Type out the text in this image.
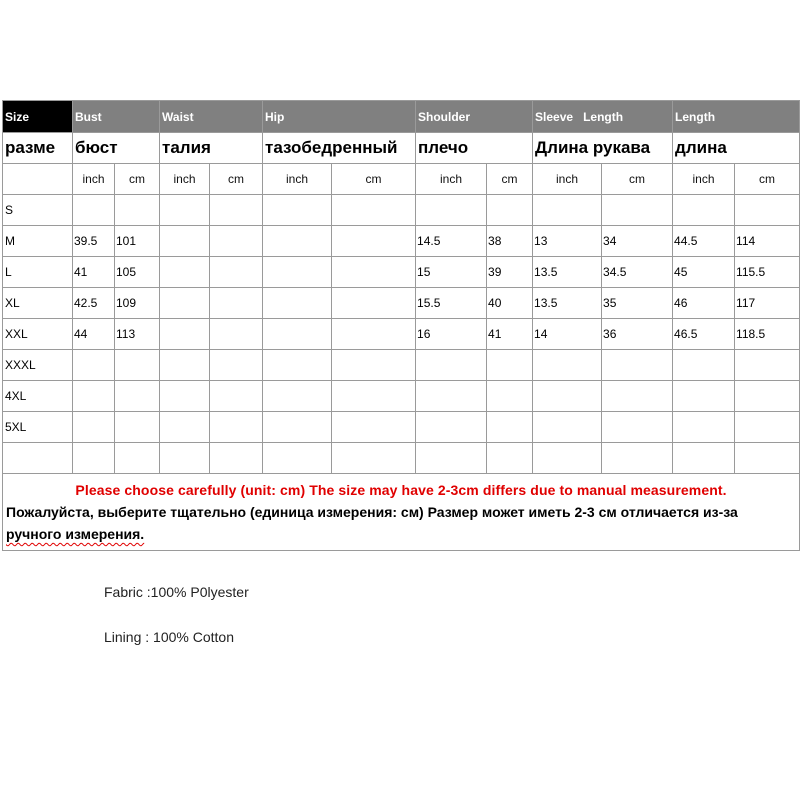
Size	Bust		Waist		Hip		Shoulder		Sleeve   Length		Length	
разме	бюст		талия		тазобедренный		плечо		Длина рукава		длина	
	inch	cm	inch	cm	inch	cm	inch	cm	inch	cm	inch	cm
S												
M	39.5	101					14.5	38	13	34	44.5	114
L	41	105					15	39	13.5	34.5	45	115.5
XL	42.5	109					15.5	40	13.5	35	46	117
XXL	44	113					16	41	14	36	46.5	118.5
XXXL												
4XL												
5XL												

Please choose carefully (unit: cm) The size may have 2-3cm differs due to manual measurement.
Пожалуйста, выберите тщательно (единица измерения: см) Размер может иметь 2-3 см отличается из-за
ручного измерения.												
Fabric :100% P0lyester
Lining : 100% Cotton
